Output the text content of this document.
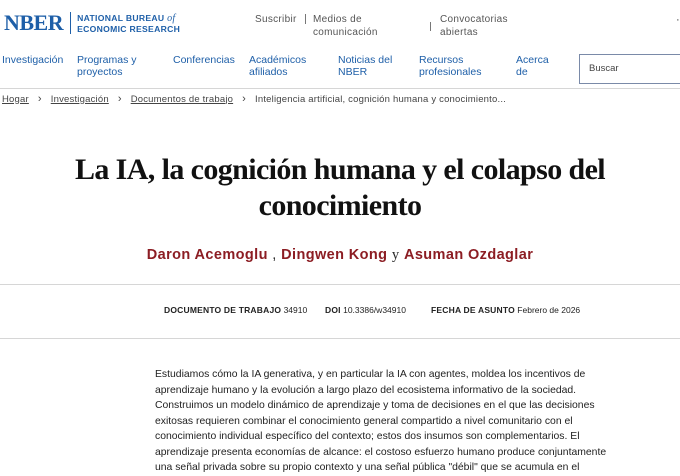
NBER NATIONAL BUREAU of
ECONOMIC RESEARCH
Suscribir Medios de comunicación
Convocatorias abiertas
·
Investigación Programas y
proyectos
Conferencias Académicos
afiliados
Noticias del
NBER
Recursos
profesionales
Acerca
de
Buscar
Hogar › Investigación › Documentos de trabajo › Inteligencia artificial, cognición humana y conocimiento...
La IA, la cognición humana y el colapso del
conocimiento
Daron Acemoglu , Dingwen Kong y Asuman Ozdaglar
DOCUMENTO DE TRABAJO 34910 DOI 10.3386/w34910	FECHA DE ASUNTO Febrero de 2026

Estudiamos cómo la IA generativa, y en particular la IA con agentes, moldea los incentivos de
aprendizaje humano y la evolución a largo plazo del ecosistema informativo de la sociedad.
Construimos un modelo dinámico de aprendizaje y toma de decisiones en el que las decisiones
exitosas requieren combinar el conocimiento general compartido a nivel comunitario con el
conocimiento individual específico del contexto; estos dos insumos son complementarios. El
aprendizaje presenta economías de alcance: el costoso esfuerzo humano produce conjuntamente
una señal privada sobre su propio contexto y una señal pública "débil" que se acumula en el
